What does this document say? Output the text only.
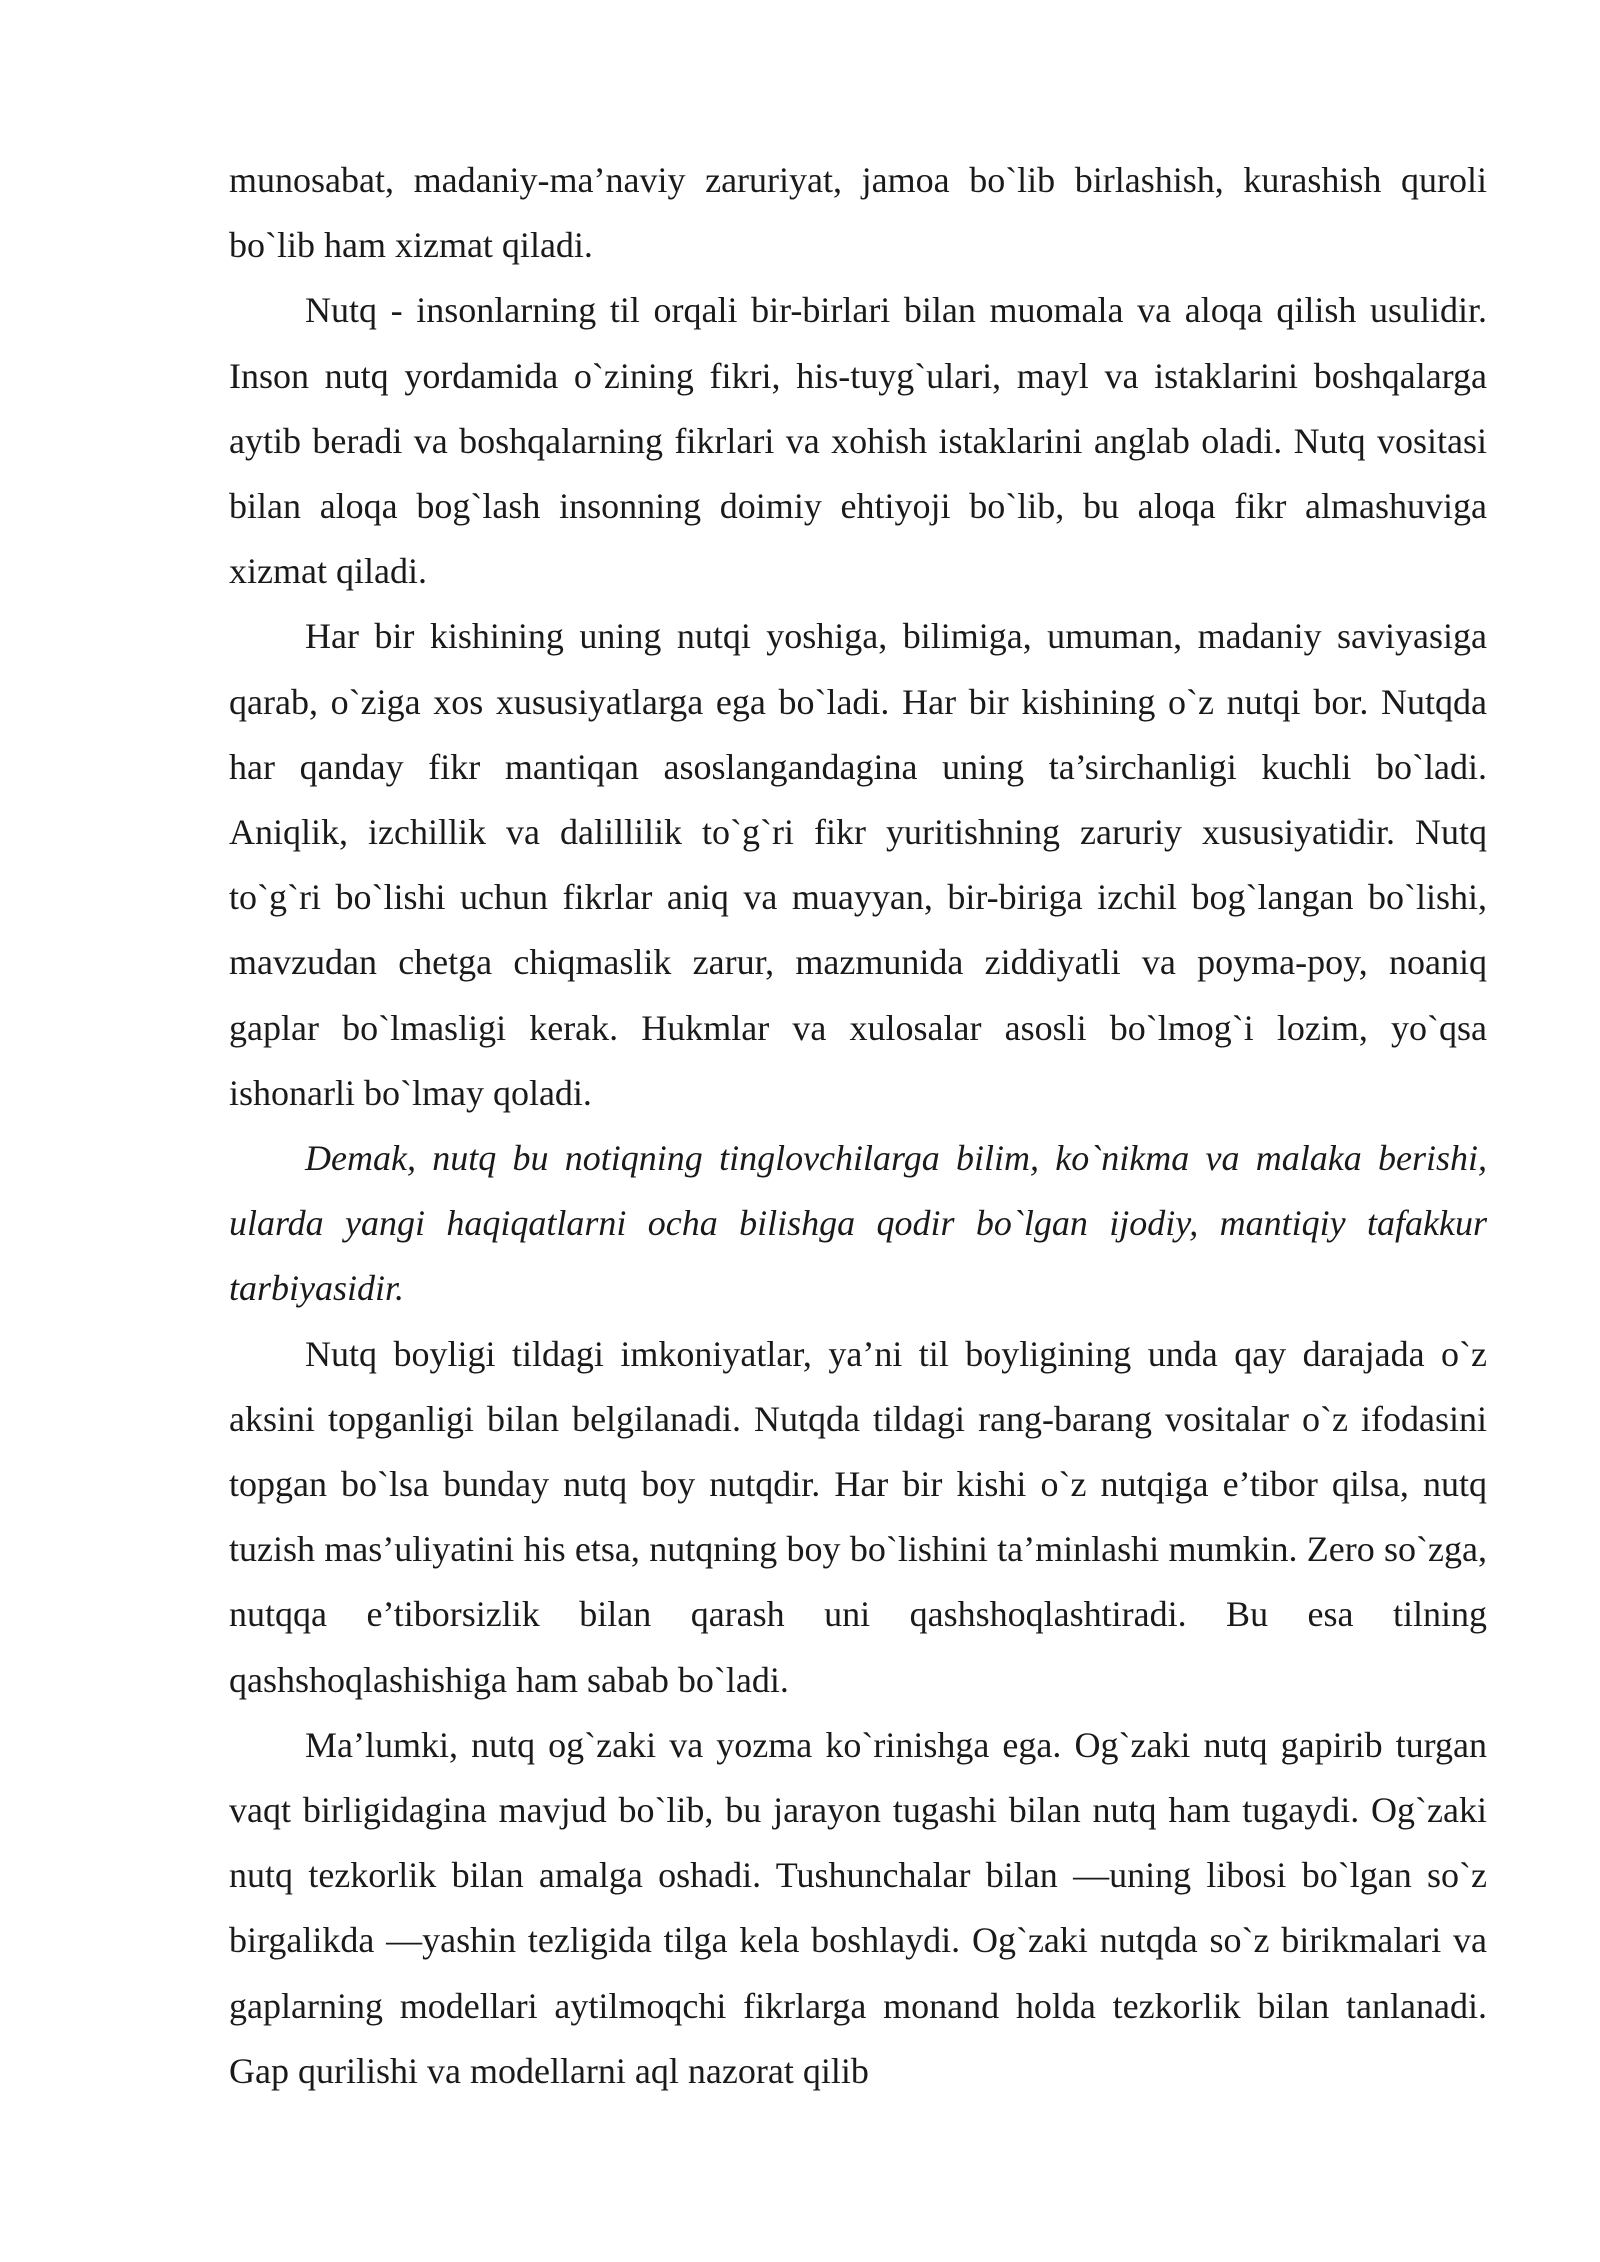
munosabat, madaniy-ma’naviy zaruriyat, jamoa bo`lib birlashish, kurashish quroli bo`lib ham xizmat qiladi.

Nutq - insonlarning til orqali bir-birlari bilan muomala va aloqa qilish usulidir. Inson nutq yordamida o`zining fikri, his-tuyg`ulari, mayl va istaklarini boshqalarga aytib beradi va boshqalarning fikrlari va xohish istaklarini anglab oladi. Nutq vositasi bilan aloqa bog`lash insonning doimiy ehtiyoji bo`lib, bu aloqa fikr almashuviga xizmat qiladi.

Har bir kishining uning nutqi yoshiga, bilimiga, umuman, madaniy saviyasiga qarab, o`ziga xos xususiyatlarga ega bo`ladi. Har bir kishining o`z nutqi bor. Nutqda har qanday fikr mantiqan asoslangandagina uning ta’sirchanligi kuchli bo`ladi. Aniqlik, izchillik va dalillilik to`g`ri fikr yuritishning zaruriy xususiyatidir. Nutq to`g`ri bo`lishi uchun fikrlar aniq va muayyan, bir-biriga izchil bog`langan bo`lishi, mavzudan chetga chiqmaslik zarur, mazmunida ziddiyatli va poyma-poy, noaniq gaplar bo`lmasligi kerak. Hukmlar va xulosalar asosli bo`lmog`i lozim, yo`qsa ishonarli bo`lmay qoladi.

Demak, nutq bu notiqning tinglovchilarga bilim, ko`nikma va malaka berishi, ularda yangi haqiqatlarni ocha bilishga qodir bo`lgan ijodiy, mantiqiy tafakkur tarbiyasidir.

Nutq boyligi tildagi imkoniyatlar, ya’ni til boyligining unda qay darajada o`z aksini topganligi bilan belgilanadi. Nutqda tildagi rang-barang vositalar o`z ifodasini topgan bo`lsa bunday nutq boy nutqdir. Har bir kishi o`z nutqiga e’tibor qilsa, nutq tuzish mas’uliyatini his etsa, nutqning boy bo`lishini ta’minlashi mumkin. Zero so`zga, nutqqa e’tiborsizlik bilan qarash uni qashshoqlashtiradi. Bu esa tilning qashshoqlashishiga ham sabab bo`ladi.

Ma’lumki, nutq og`zaki va yozma ko`rinishga ega. Og`zaki nutq gapirib turgan vaqt birligidagina mavjud bo`lib, bu jarayon tugashi bilan nutq ham tugaydi. Og`zaki nutq tezkorlik bilan amalga oshadi. Tushunchalar bilan ―uning libosi bo`lgan so`z birgalikda ―yashin tezligida tilga kela boshlaydi. Og`zaki nutqda so`z birikmalari va gaplarning modellari aytilmoqchi fikrlarga monand holda tezkorlik bilan tanlanadi. Gap qurilishi va modellarni aql nazorat qilib
